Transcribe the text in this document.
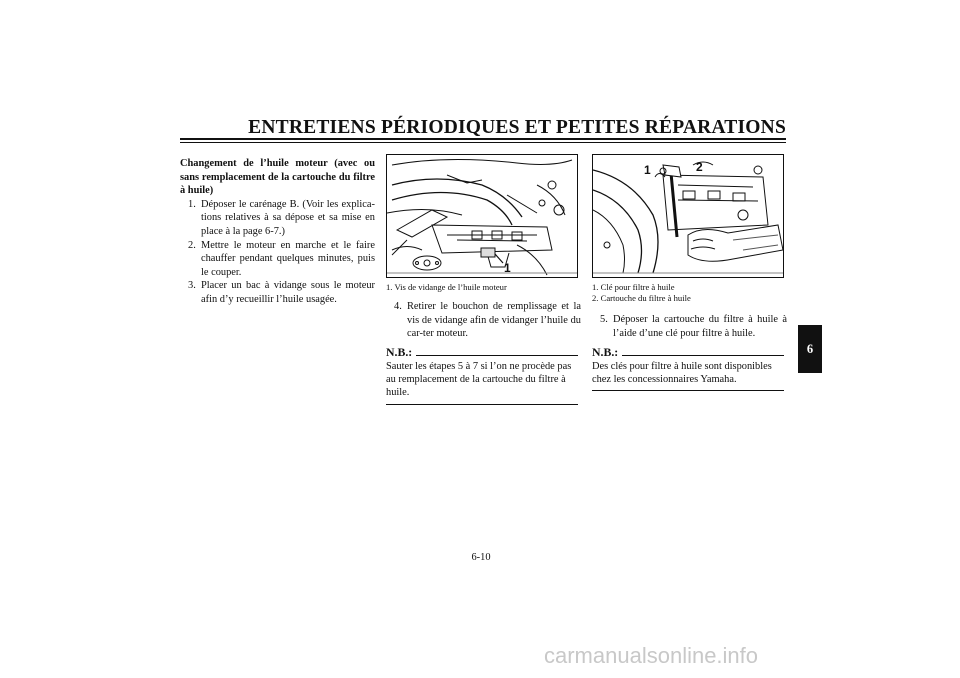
ENTRETIENS PÉRIODIQUES ET PETITES RÉPARATIONS
Changement de l’huile moteur (avec ou sans remplacement de la cartouche du filtre à huile)
1. Déposer le carénage B. (Voir les explica-tions relatives à sa dépose et sa mise en place à la page 6-7.)
2. Mettre le moteur en marche et le faire chauffer pendant quelques minutes, puis le couper.
3. Placer un bac à vidange sous le moteur afin d’y recueillir l’huile usagée.
1
1. Vis de vidange de l’huile moteur
4. Retirer le bouchon de remplissage et la vis de vidange afin de vidanger l’huile du car-ter moteur.
N.B.:
Sauter les étapes 5 à 7 si l’on ne procède pas au remplacement de la cartouche du filtre à huile.
1	2
1. Clé pour filtre à huile
2. Cartouche du filtre à huile
5. Déposer la cartouche du filtre à huile à l’aide d’une clé pour filtre à huile.
N.B.:
Des clés pour filtre à huile sont disponibles chez les concessionnaires Yamaha.
6
6-10
carmanualsonline.info
